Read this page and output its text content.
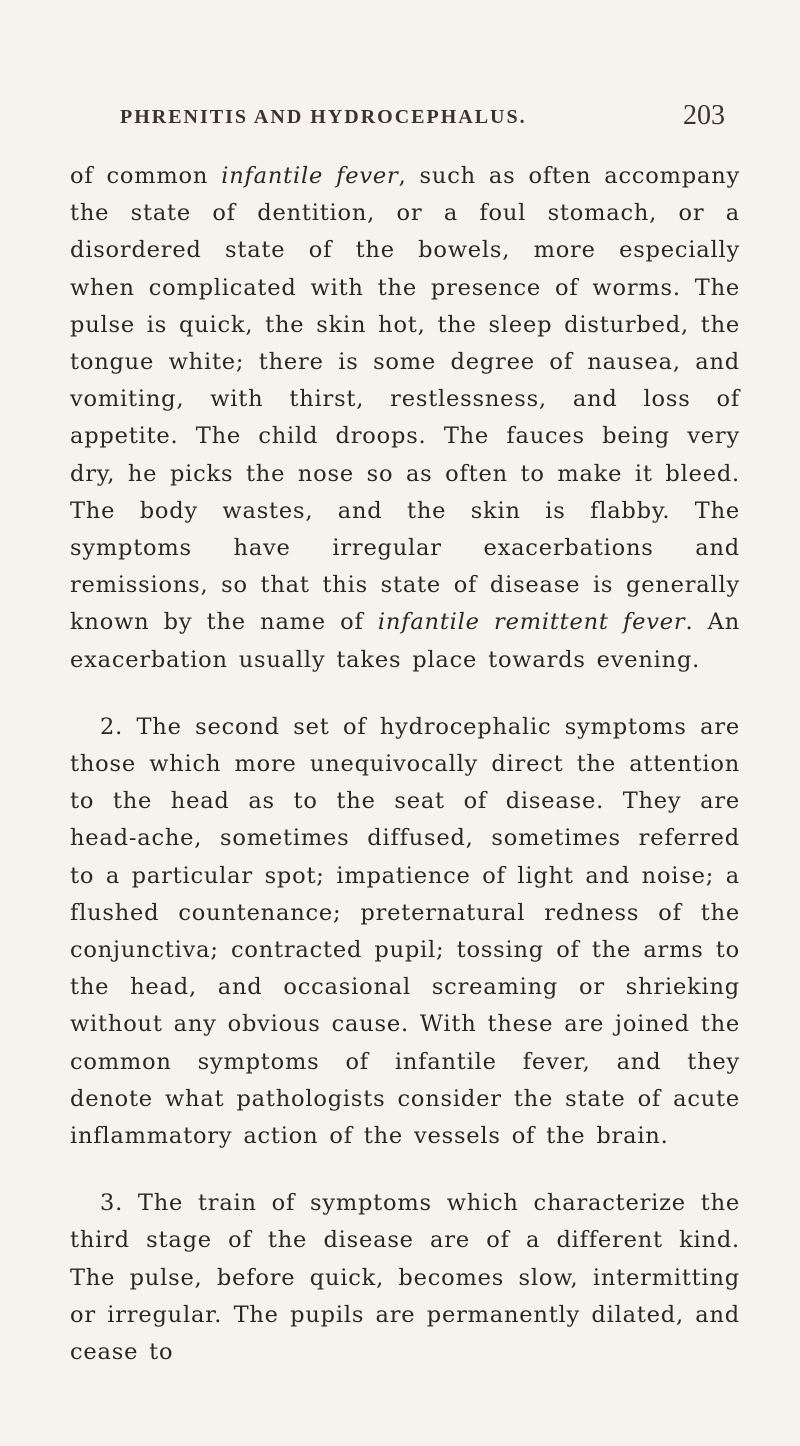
PHRENITIS AND HYDROCEPHALUS.	203

of common infantile fever, such as often accompany the state of dentition, or a foul stomach, or a disordered state of the bowels, more especially when complicated with the presence of worms. The pulse is quick, the skin hot, the sleep disturbed, the tongue white; there is some degree of nausea, and vomiting, with thirst, restlessness, and loss of appetite. The child droops. The fauces being very dry, he picks the nose so as often to make it bleed. The body wastes, and the skin is flabby. The symptoms have irregular exacerbations and remissions, so that this state of disease is generally known by the name of infantile remittent fever. An exacerbation usually takes place towards evening.

2. The second set of hydrocephalic symptoms are those which more unequivocally direct the attention to the head as to the seat of disease. They are head-ache, sometimes diffused, sometimes referred to a particular spot; impatience of light and noise; a flushed countenance; preternatural redness of the conjunctiva; contracted pupil; tossing of the arms to the head, and occasional screaming or shrieking without any obvious cause. With these are joined the common symptoms of infantile fever, and they denote what pathologists consider the state of acute inflammatory action of the vessels of the brain.

3. The train of symptoms which characterize the third stage of the disease are of a different kind. The pulse, before quick, becomes slow, intermitting or irregular. The pupils are permanently dilated, and cease to
